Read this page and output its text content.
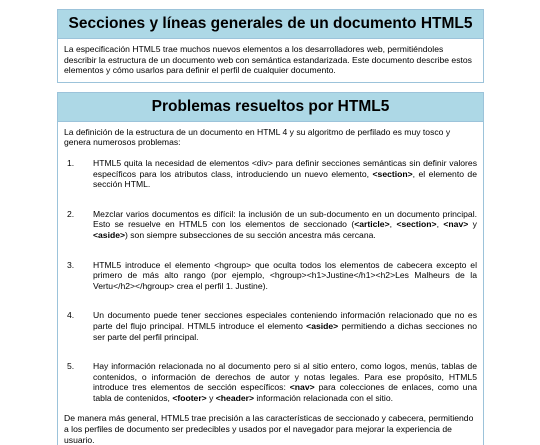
Secciones y líneas generales de un documento HTML5

La especificación HTML5 trae muchos nuevos elementos a los desarrolladores web, permitiéndoles describir la estructura de un documento web con semántica estandarizada. Este documento describe estos elementos y cómo usarlos para definir el perfil de cualquier documento.

Problemas resueltos por HTML5

La definición de la estructura de un documento en HTML 4 y su algoritmo de perfilado es muy tosco y genera numerosos problemas:

1.	HTML5 quita la necesidad de elementos <div> para definir secciones semánticas sin definir valores específicos para los atributos class, introduciendo un nuevo elemento, <section>, el elemento de sección HTML.
2.	Mezclar varios documentos es difícil: la inclusión de un sub-documento en un documento principal. Esto se resuelve en HTML5 con los elementos de seccionado (<article>, <section>, <nav> y <aside>) son siempre subsecciones de su sección ancestra más cercana.
3.	HTML5 introduce el elemento <hgroup> que oculta todos los elementos de cabecera excepto el primero de más alto rango (por ejemplo, <hgroup><h1>Justine</h1><h2>Les Malheurs de la Vertu</h2></hgroup> crea el perfil 1. Justine).
4.	Un documento puede tener secciones especiales conteniendo información relacionado que no es parte del flujo principal. HTML5 introduce el elemento <aside> permitiendo a dichas secciones no ser parte del perfil principal.
5.	Hay información relacionada no al documento pero si al sitio entero, como logos, menús, tablas de contenidos, o información de derechos de autor y notas legales. Para ese propósito, HTML5 introduce tres elementos de sección específicos: <nav> para colecciones de enlaces, como una tabla de contenidos, <footer> y <header> información relacionada con el sitio.

De manera más general, HTML5 trae precisión a las características de seccionado y cabecera, permitiendo a los perfiles de documento ser predecibles y usados por el navegador para mejorar la experiencia de usuario.
